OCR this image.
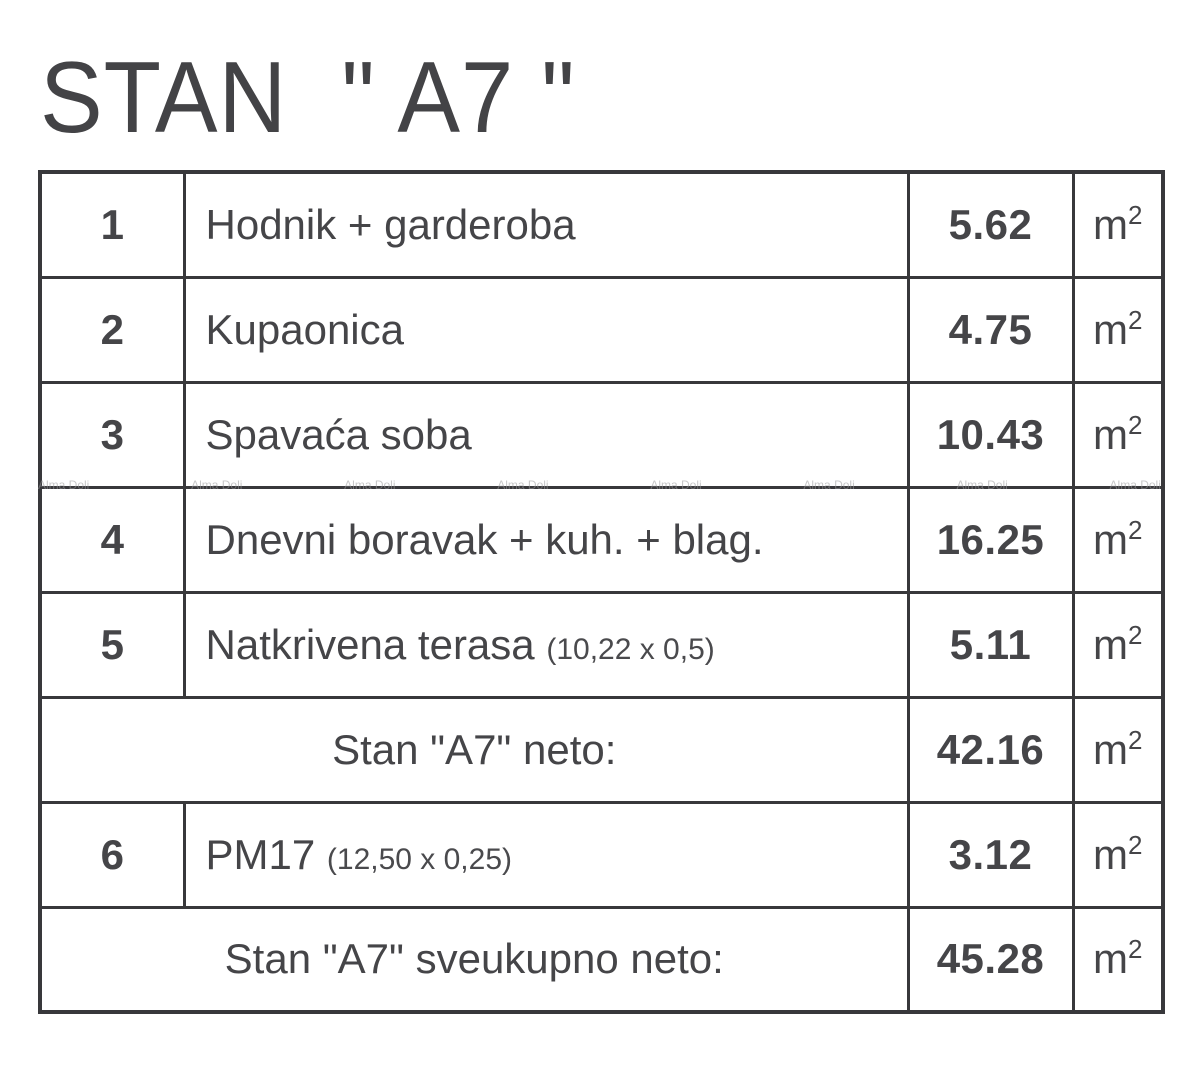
STAN  " A7 "
1	Hodnik + garderoba	5.62	$m^2$
2	Kupaonica	4.75	$m^2$
3	Spavaća soba	10.43	$m^2$
4	Dnevni boravak + kuh. + blag.	16.25	$m^2$
5	Natkrivena terasa (10,22 x 0,5)	5.11	$m^2$
Stan "A7" neto:		42.16	$m^2$
6	PM17 (12,50 x 0,25)	3.12	$m^2$
Stan "A7" sveukupno neto:		45.28	$m^2$
Alma Doli	Alma Doli	Alma Doli	Alma Doli	Alma Doli	Alma Doli	Alma Doli	Alma Doli
